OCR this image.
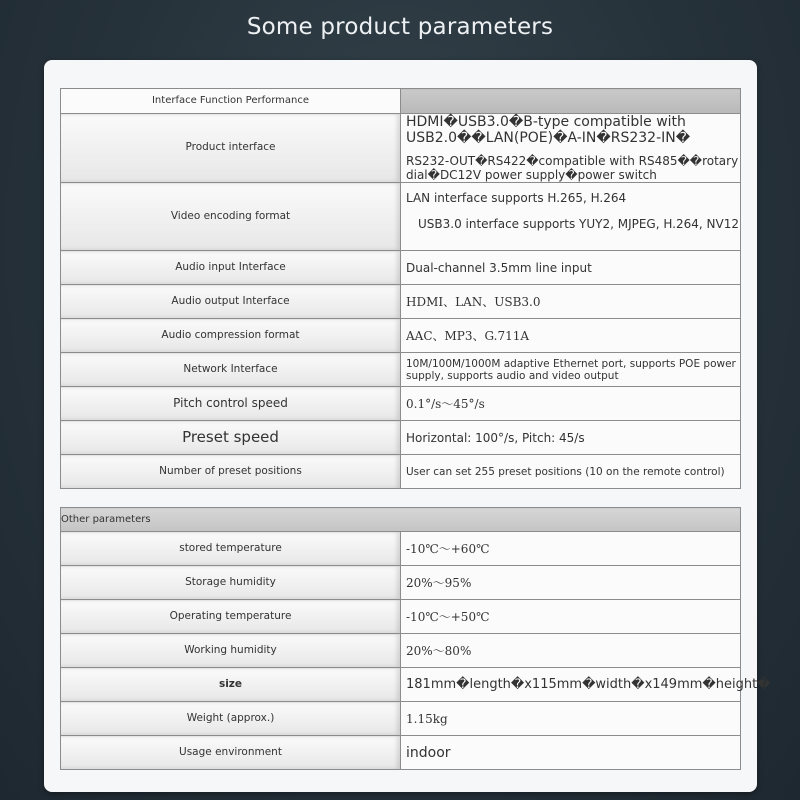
Some product parameters
Interface Function Performance	
Product interface	HDMI�USB3.0�B-type compatible with USB2.0��LAN(POE)�A-IN�RS232-IN�
RS232-OUT�RS422�compatible with RS485��rotary dial�DC12V power supply�power switch

Video encoding format	LAN interface supports H.265, H.264
USB3.0 interface supports YUY2, MJPEG, H.264, NV12

Audio input Interface	Dual-channel 3.5mm line input
Audio output Interface	HDMI、LAN、USB3.0
Audio compression format	AAC、MP3、G.711A
Network Interface	10M/100M/1000M adaptive Ethernet port, supports POE power supply, supports audio and video output
Pitch control speed	0.1°/s～45°/s
Preset speed	Horizontal: 100°/s, Pitch: 45/s
Number of preset positions	User can set 255 preset positions (10 on the remote control)
Other parameters	
stored temperature	-10℃～+60℃
Storage humidity	20%～95%
Operating temperature	-10℃～+50℃
Working humidity	20%～80%
size	181mm�length�x115mm�width�x149mm�height�
Weight (approx.)	1.15kg
Usage environment	indoor
